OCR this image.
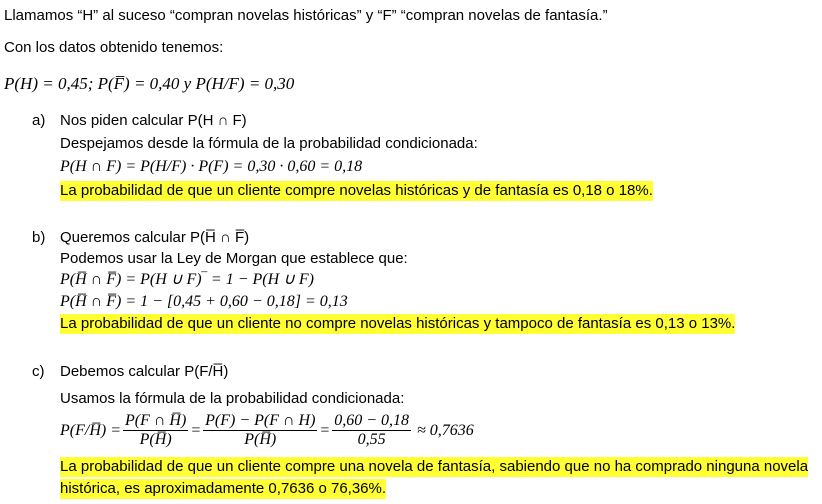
Llamamos “H” al suceso “compran novelas históricas” y “F” “compran novelas de fantasía.”
Con los datos obtenido tenemos:
P(H) = 0,45; P(F̅) = 0,40 y P(H/F) = 0,30
a) Nos piden calcular P(H ∩ F)
Despejamos desde la fórmula de la probabilidad condicionada:
P(H ∩ F) = P(H/F) · P(F) = 0,30 · 0,60 = 0,18
La probabilidad de que un cliente compre novelas históricas y de fantasía es 0,18 o 18%.
b) Queremos calcular P(H̅ ∩ F̅)
Podemos usar la Ley de Morgan que establece que:
P(H̅ ∩ F̅) = P(H ∪ F)‾ = 1 − P(H ∪ F)
P(H̅ ∩ F̅) = 1 − [0,45 + 0,60 − 0,18] = 0,13
La probabilidad de que un cliente no compre novelas históricas y tampoco de fantasía es 0,13 o 13%.
c) Debemos calcular P(F/H̅)
Usamos la fórmula de la probabilidad condicionada:
P(F/H̅) = $\frac{P(F \cap H̅)}{P(H̅)} = \frac{P(F) - P(F \cap H)}{P(H̅)} = \frac{0,60 - 0,18}{0,55} \approx 0,7636$
La probabilidad de que un cliente compre una novela de fantasía, sabiendo que no ha comprado ninguna novela
histórica, es aproximadamente 0,7636 o 76,36%.
